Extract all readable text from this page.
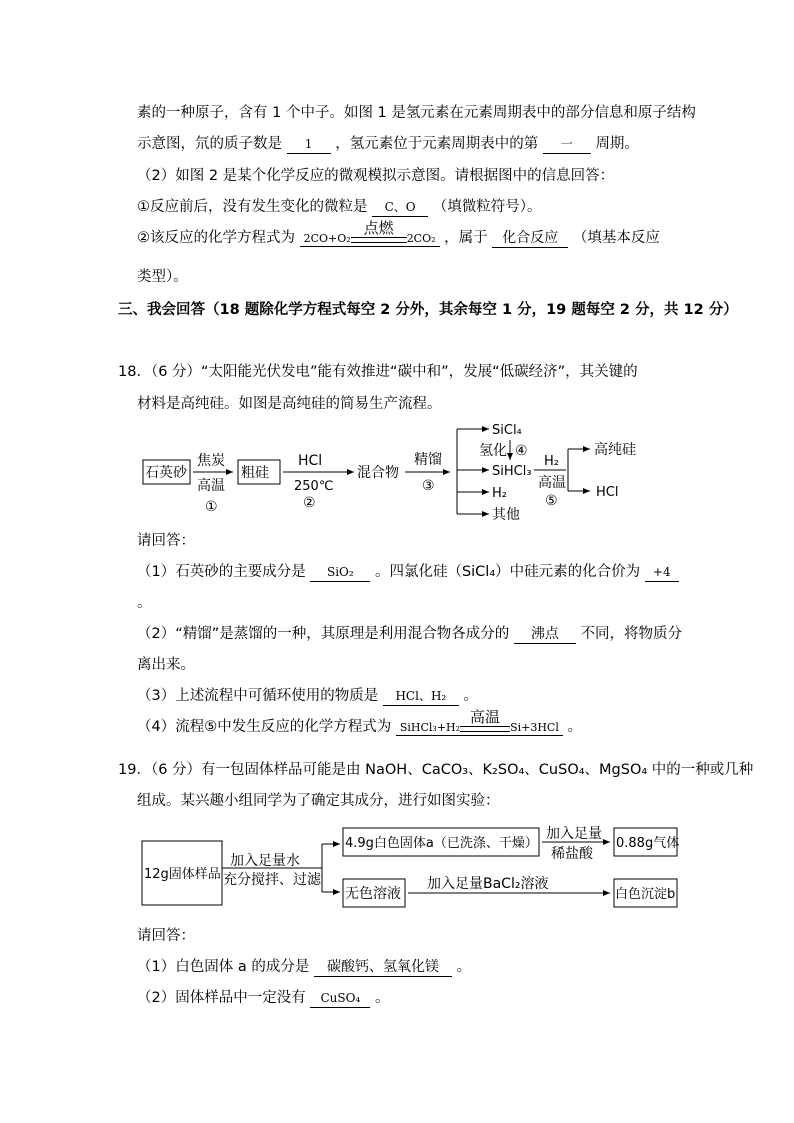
素的一种原子，含有 1 个中子。如图 1 是氢元素在元素周期表中的部分信息和原子结构
示意图，氘的质子数是 1 ，氢元素位于元素周期表中的第 一 周期。
（2）如图 2 是某个化学反应的微观模拟示意图。请根据图中的信息回答：
①反应前后，没有发生变化的微粒是 C、O （填微粒符号）。
②该反应的化学方程式为 2CO+O₂
点燃
2CO₂ ，属于 化合反应 （填基本反应
类型）。
三、我会回答（18 题除化学方程式每空 2 分外，其余每空 1 分，19 题每空 2 分，共 12 分）
18．（6 分）“太阳能光伏发电”能有效推进“碳中和”，发展“低碳经济”，其关键的
材料是高纯硅。如图是高纯硅的简易生产流程。
石英砂
焦炭
高温
①
粗硅
HCl
250℃
②
混合物
精馏
③
SiCl₄
氢化 ④
SiHCl₃
H₂
其他
H₂
高温
⑤
高纯硅
HCl
12g固体样品
加入足量水
充分搅拌、过滤
4.9g白色固体a（已洗涤、干燥）
加入足量
稀盐酸
0.88g气体
无色溶液
加入足量BaCl₂溶液
白色沉淀b
请回答：
（1）石英砂的主要成分是 SiO₂ 。四氯化硅（SiCl₄）中硅元素的化合价为 +4
。
（2）“精馏”是蒸馏的一种，其原理是利用混合物各成分的 沸点 不同，将物质分
离出来。
（3）上述流程中可循环使用的物质是 HCl、H₂ 。
（4）流程⑤中发生反应的化学方程式为 SiHCl₃+H₂
高温
Si+3HCl 。
19．（6 分）有一包固体样品可能是由 NaOH、CaCO₃、K₂SO₄、CuSO₄、MgSO₄ 中的一种或几种
组成。某兴趣小组同学为了确定其成分，进行如图实验：
请回答：
（1）白色固体 a 的成分是 碳酸钙、氢氧化镁 。
（2）固体样品中一定没有 CuSO₄ 。
